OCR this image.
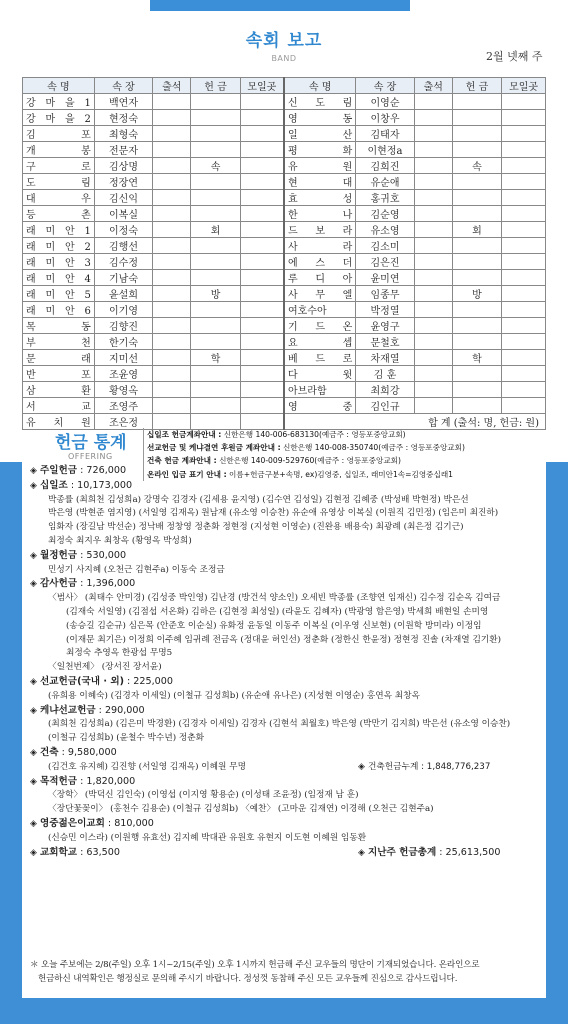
속회 보고
BAND	2월 넷째 주
속 명	속 장	출석	헌 금	모일곳	속 명	속 장	출석	헌 금	모일곳
강 마 을 1	백연자				신 도 림	이영순			
강 마 을 2	현정숙				영 동	이창우			
김 포	최형숙				일 산	김태자			
개 봉	전문자				평 화	이현정a			
구 로	김상명		속		유 원	김희진		속	
도 림	정장연				현 대	유순애			
대 우	김신익				효 성	홍귀호			
등 촌	이복실				한 나	김순영			
래 미 안 1	이정숙		회		드 보 라	유소영		회	
래 미 안 2	김행선				사 라	김소미			
래 미 안 3	김수정				에 스 더	김은진			
래 미 안 4	기남숙				루 디 아	윤미연			
래 미 안 5	윤설희		방		사 무 엘	임종무		방	
래 미 안 6	이기영				여호수아	박정열			
목 동	김향진				기 드 온	윤영구			
부 천	한기숙				요 셉	문철호			
문 래	지미선		학		베 드 로	차재열		학	
반 포	조윤영				다 윗	김 훈			
삼 환	황영옥				아브라함	최희강			
서 교	조영주				영 중	김인규			
유 치 원	조은정				합 계 (출석: 명, 헌금: 원)				
헌금 통계
OFFERING
십일조 헌금계좌안내 : 신한은행 140-006-683130(예금주 : 영등포중앙교회)
선교헌금 및 케냐결연 후원금 계좌안내 : 신한은행 140-008-350740(예금주 : 영등포중앙교회)
건축 헌금 계좌안내 : 신한은행 140-009-529760(예금주 : 영등포중앙교회)
온라인 입금 표기 안내 : 이름+헌금구분+속명, ex)김영중, 십일조, 래미안1속=김영중십래1
◈ 주일헌금 : 726,000
◈ 십일조 : 10,173,000
박종률 (최희천 김성희a) 강명숙 김경자 (김세용 윤지영) (김수연 김성일) 김현정 김혜중 (박성배 박현정) 박은선
박은영 (박현준 염지영) (서일영 김재옥) 원남재 (유소영 이승찬) 유순애 유영상 이복실 (이원직 김민정) (임은미 최진하)
임화자 (장길남 박선순) 정낙배 정창영 정춘화 정현정 (지성현 이영순) (진완용 배용숙) 최광례 (최은정 김기근)
최정숙 최지우 최창옥 (황영옥 박성희)
◈ 월정헌금 : 530,000
민성기 사지혜 (오천근 김현주a) 이동숙 조정금
◈ 감사헌금 : 1,396,000
〈범사〉 (최태수 안미경) (김성중 박인영) 김난경 (방건석 양소인) 오세빈 박종률 (조향연 임재신) 김수정 김순옥 김여금
(김재숙 서일영) (김점섭 서온화) 김하은 (김현정 최성일) (라윤도 김혜자) (박광영 함은영) 박세희 배현일 손미영
(송승길 김순규) 심은목 (안준호 이순실) 유화정 윤동일 이동주 이복실 (이우영 신보현) (이원학 방미라) 이정임
(이재문 최기은) 이정희 이주혜 임귀례 전금옥 (정대윤 허인선) 정춘화 (정한신 한윤정) 정현정 진솔 (차재열 김기환)
최정숙 추영옥 한광섭 무명5
〈일천번제〉 (장서진 장서윤)
◈ 선교헌금(국내 · 외) : 225,000
(유희용 이혜숙) (김경자 이세일) (이철규 김성희b) (유순애 유나은) (지성현 이영순) 홍연옥 최창옥
◈ 케냐선교헌금 : 290,000
(최희천 김성희a) (김은미 박경환) (김경자 이세일) 김경자 (김현석 최월호) 박은영 (박만기 김지희) 박은선 (유소영 이승찬)
(이철규 김성희b) (윤철수 박수년) 정춘화
◈ 건축 : 9,580,000
(김건호 유지혜) 김진향 (서일영 김재옥) 이혜원 무명	◈ 건축헌금누계 : 1,848,776,237
◈ 목적헌금 : 1,820,000
〈장학〉 (박덕신 김인숙) (이영섭 (이지영 황용순) (이성태 조윤정) (임정재 남 훈)
〈장단꽃꽂이〉 (홍천수 김용순) (이철규 김성희b) 〈예찬〉 (고마운 김재연) 이경해 (오천근 김현주a)
◈ 영중젊은이교회 : 810,000
(신승민 이스라) (이원행 유효선) 김지혜 박대관 유원호 유현지 이도현 이혜원 임동환
◈ 교회학교 : 63,500	◈ 지난주 헌금총계 : 25,613,500
＊ 오늘 주보에는 2/8(주일) 오후 1시~2/15(주일) 오후 1시까지 헌금해 주신 교우들의 명단이 기재되었습니다. 온라인으로
헌금하신 내역확인은 행정실로 문의해 주시기 바랍니다. 정성껏 동참해 주신 모든 교우들께 진심으로 감사드립니다.
